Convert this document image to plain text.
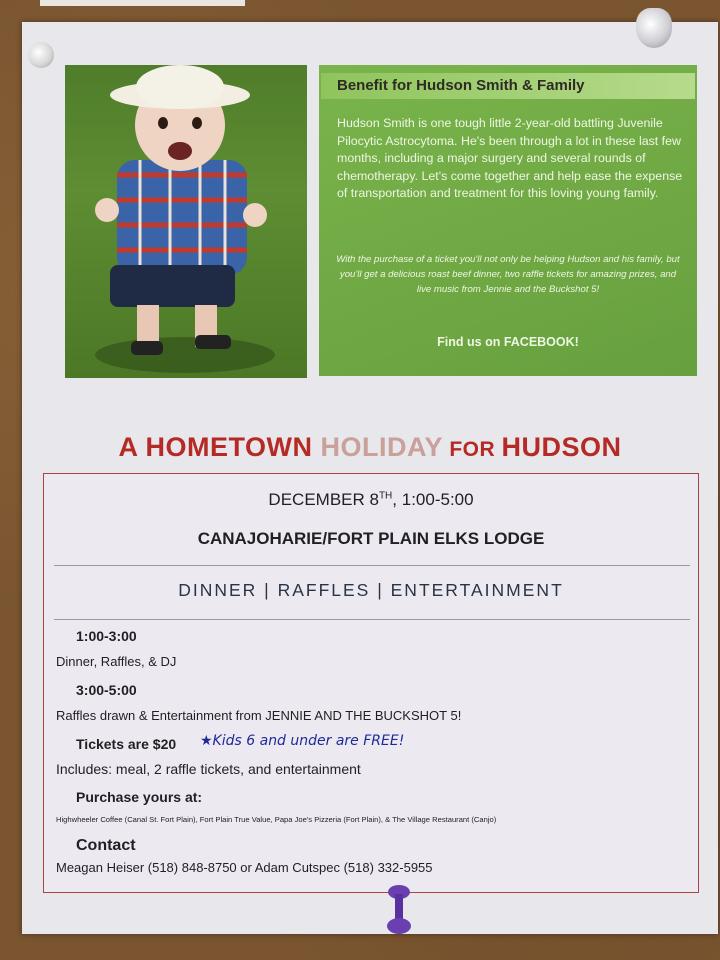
Benefit for Hudson Smith & Family
Hudson Smith is one tough little 2-year-old battling Juvenile Pilocytic Astrocytoma. He's been through a lot in these last few months, including a major surgery and several rounds of chemotherapy. Let's come together and help ease the expense of transportation and treatment for this loving young family.
With the purchase of a ticket you'll not only be helping Hudson and his family, but you'll get a delicious roast beef dinner, two raffle tickets for amazing prizes, and live music from Jennie and the Buckshot 5!
Find us on FACEBOOK!
A HOMETOWN HOLIDAY FOR HUDSON
DECEMBER 8TH, 1:00-5:00
CANAJOHARIE/FORT PLAIN ELKS LODGE
DINNER | RAFFLES | ENTERTAINMENT
1:00-3:00
Dinner, Raffles, & DJ
3:00-5:00
Raffles drawn & Entertainment from JENNIE AND THE BUCKSHOT 5!
Tickets are $20 ★Kids 6 and under are FREE!
Includes: meal, 2 raffle tickets, and entertainment
Purchase yours at:
Highwheeler Coffee (Canal St. Fort Plain), Fort Plain True Value, Papa Joe's Pizzeria (Fort Plain), & The Village Restaurant (Canjo)
Contact
Meagan Heiser (518) 848-8750 or Adam Cutspec (518) 332-5955
